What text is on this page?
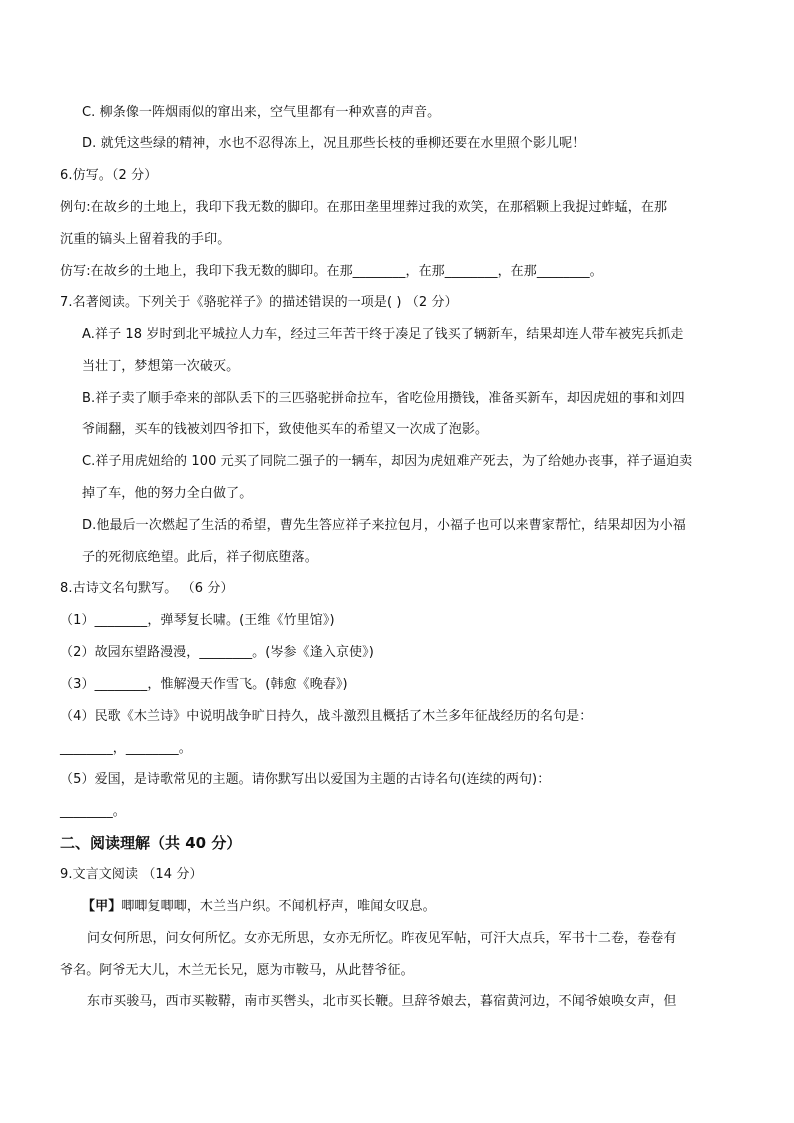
C. 柳条像一阵烟雨似的窜出来，空气里都有一种欢喜的声音。
D. 就凭这些绿的精神，水也不忍得冻上，况且那些长枝的垂柳还要在水里照个影儿呢！
6.仿写。（2 分）
例句:在故乡的土地上，我印下我无数的脚印。在那田垄里埋葬过我的欢笑，在那稻颗上我捉过蚱蜢，在那
沉重的镐头上留着我的手印。
仿写:在故乡的土地上，我印下我无数的脚印。在那________，在那________，在那________。
7.名著阅读。下列关于《骆驼祥子》的描述错误的一项是( ) （2 分）
A.祥子 18 岁时到北平城拉人力车，经过三年苦干终于凑足了钱买了辆新车，结果却连人带车被宪兵抓走
当壮丁，梦想第一次破灭。
B.祥子卖了顺手牵来的部队丢下的三匹骆驼拼命拉车，省吃俭用攒钱，准备买新车，却因虎妞的事和刘四
爷闹翻，买车的钱被刘四爷扣下，致使他买车的希望又一次成了泡影。
C.祥子用虎妞给的 100 元买了同院二强子的一辆车，却因为虎妞难产死去，为了给她办丧事，祥子逼迫卖
掉了车，他的努力全白做了。
D.他最后一次燃起了生活的希望，曹先生答应祥子来拉包月，小福子也可以来曹家帮忙，结果却因为小福
子的死彻底绝望。此后，祥子彻底堕落。
8.古诗文名句默写。 （6 分）
（1）________，弹琴复长啸。(王维《竹里馆》)
（2）故园东望路漫漫，________。(岑参《逢入京使》)
（3）________，惟解漫天作雪飞。(韩愈《晚春》)
（4）民歌《木兰诗》中说明战争旷日持久，战斗激烈且概括了木兰多年征战经历的名句是：
________，________。
（5）爱国，是诗歌常见的主题。请你默写出以爱国为主题的古诗名句(连续的两句)：
________。
二、阅读理解（共 40 分）
9.文言文阅读 （14 分）
【甲】唧唧复唧唧，木兰当户织。不闻机杼声，唯闻女叹息。
问女何所思，问女何所忆。女亦无所思，女亦无所忆。昨夜见军帖，可汗大点兵，军书十二卷，卷卷有
爷名。阿爷无大儿，木兰无长兄，愿为市鞍马，从此替爷征。
东市买骏马，西市买鞍鞯，南市买辔头，北市买长鞭。旦辞爷娘去，暮宿黄河边，不闻爷娘唤女声，但
